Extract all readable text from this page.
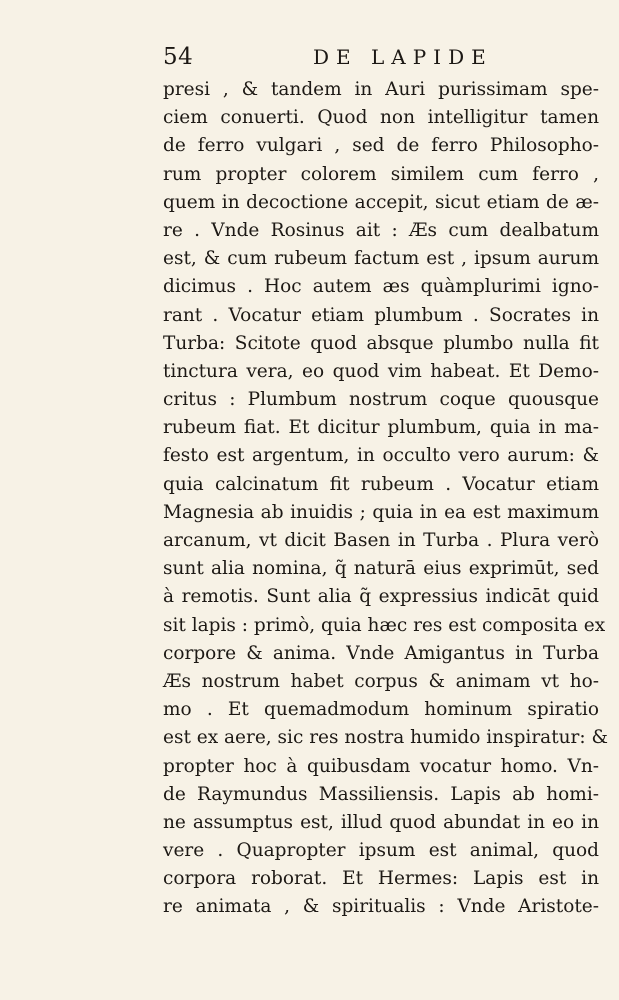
54	DE LAPIDE
presi , & tandem in Auri purissimam spe-
ciem conuerti. Quod non intelligitur tamen
de ferro vulgari , sed de ferro Philosopho-
rum propter colorem similem cum ferro ,
quem in decoctione accepit, sicut etiam de æ-
re . Vnde Rosinus ait : Æs cum dealbatum
est, & cum rubeum factum est , ipsum aurum
dicimus . Hoc autem æs quàmplurimi igno-
rant . Vocatur etiam plumbum . Socrates in
Turba: Scitote quod absque plumbo nulla fit
tinctura vera, eo quod vim habeat. Et Demo-
critus : Plumbum nostrum coque quousque
rubeum fiat. Et dicitur plumbum, quia in ma-
festo est argentum, in occulto vero aurum: &
quia calcinatum fit rubeum . Vocatur etiam
Magnesia ab inuidis ; quia in ea est maximum
arcanum, vt dicit Basen in Turba . Plura verò
sunt alia nomina, q̃ naturā eius exprimūt, sed
à remotis. Sunt alia q̃ expressius indicāt quid
sit lapis : primò, quia hæc res est composita ex
corpore & anima. Vnde Amigantus in Turba
Æs nostrum habet corpus & animam vt ho-
mo . Et quemadmodum hominum spiratio
est ex aere, sic res nostra humido inspiratur: &
propter hoc à quibusdam vocatur homo. Vn-
de Raymundus Massiliensis. Lapis ab homi-
ne assumptus est, illud quod abundat in eo in
vere . Quapropter ipsum est animal, quod
corpora roborat. Et Hermes: Lapis est in
re animata , & spiritualis : Vnde Aristote-
